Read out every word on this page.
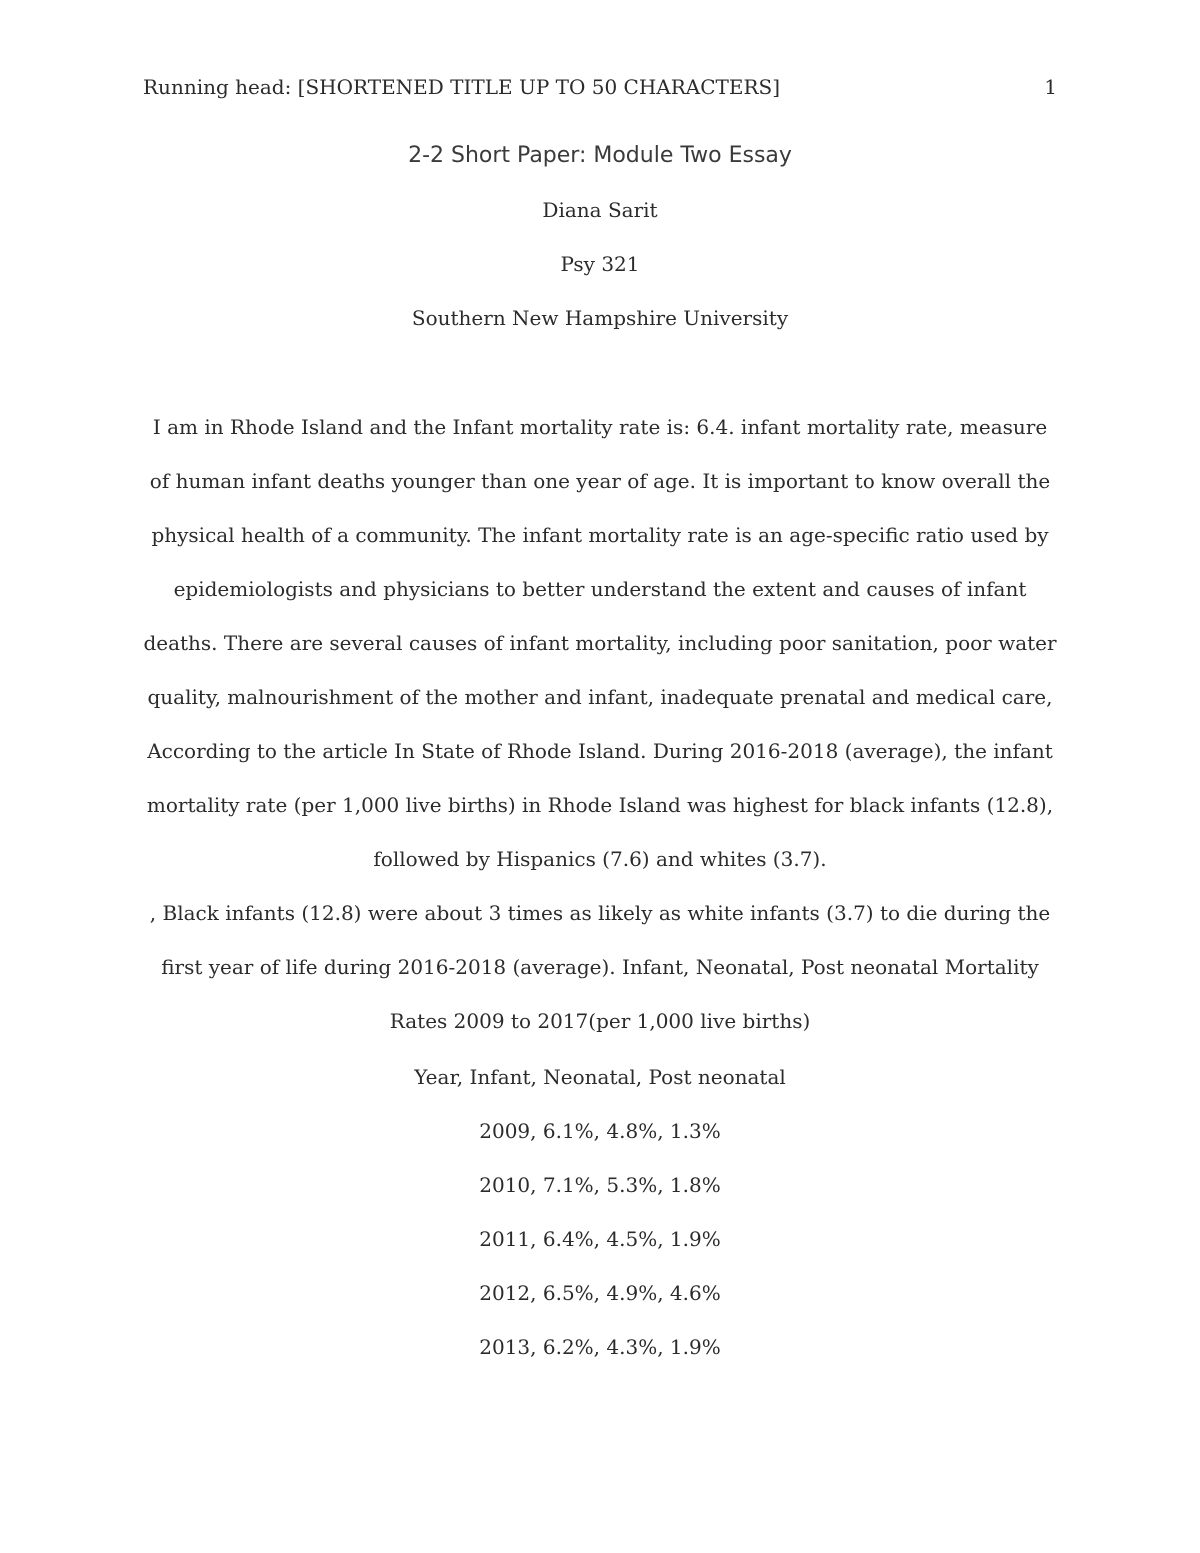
Running head: [SHORTENED TITLE UP TO 50 CHARACTERS]	1
2-2 Short Paper: Module Two Essay
Diana Sarit
Psy 321
Southern New Hampshire University

I am in Rhode Island and the Infant mortality rate is: 6.4. infant mortality rate, measure of human infant deaths younger than one year of age. It is important to know overall the physical health of a community. The infant mortality rate is an age-specific ratio used by epidemiologists and physicians to better understand the extent and causes of infant deaths. There are several causes of infant mortality, including poor sanitation, poor water quality, malnourishment of the mother and infant, inadequate prenatal and medical care,

According to the article In State of Rhode Island. During 2016-2018 (average), the infant mortality rate (per 1,000 live births) in Rhode Island was highest for black infants (12.8), followed by Hispanics (7.6) and whites (3.7).

, Black infants (12.8) were about 3 times as likely as white infants (3.7) to die during the first year of life during 2016-2018 (average). Infant, Neonatal, Post neonatal Mortality Rates 2009 to 2017(per 1,000 live births)

Year, Infant, Neonatal, Post neonatal
2009, 6.1%, 4.8%, 1.3%
2010, 7.1%, 5.3%, 1.8%
2011, 6.4%, 4.5%, 1.9%
2012, 6.5%, 4.9%, 4.6%
2013, 6.2%, 4.3%, 1.9%
